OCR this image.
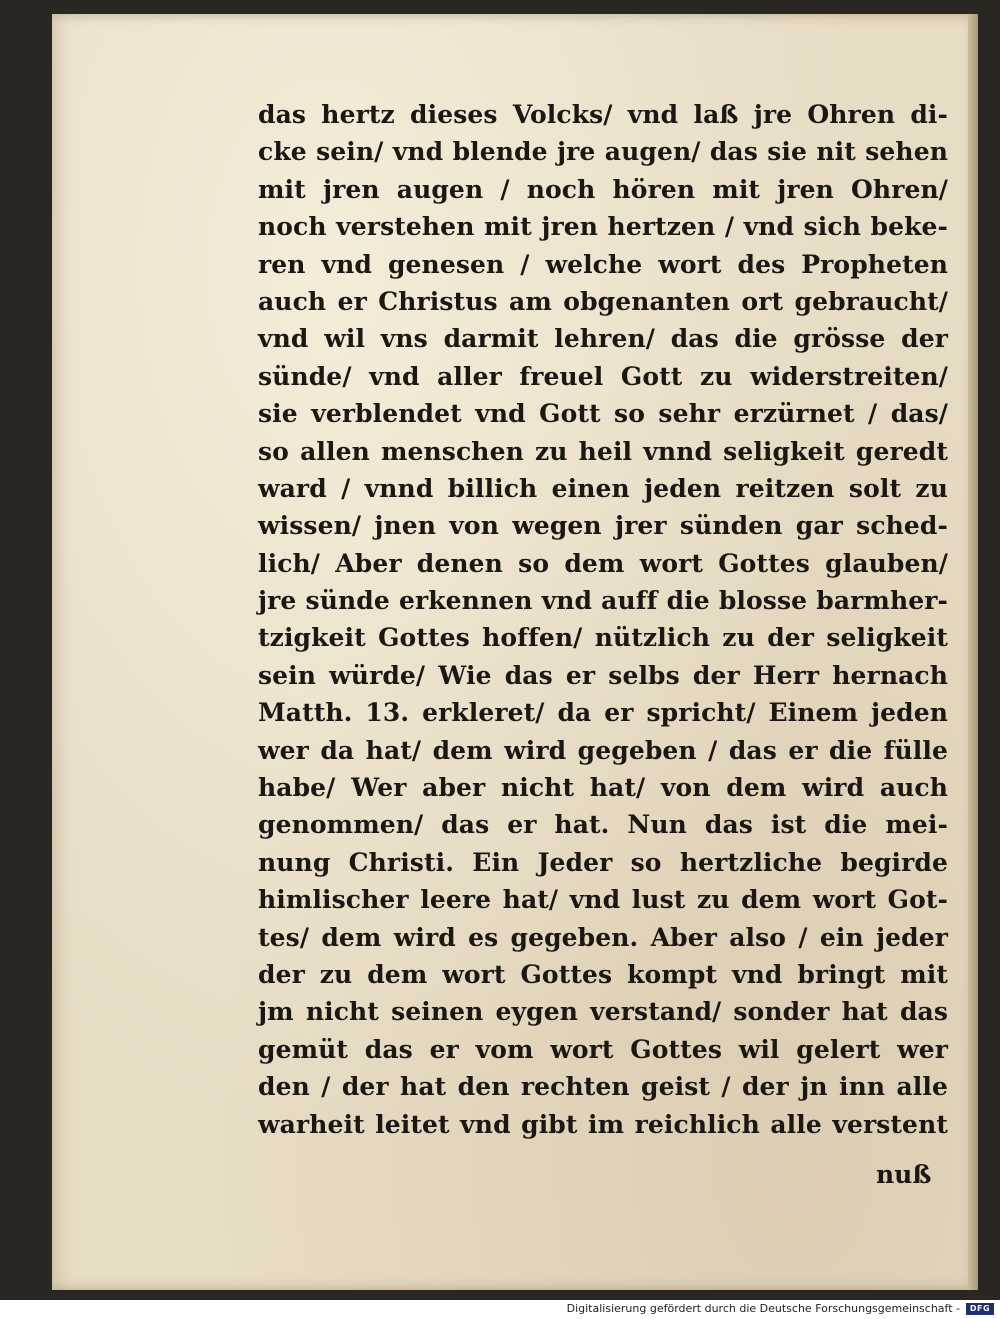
das hertz dieses Volcks/ vnd laß jre Ohren di-
cke sein/ vnd blende jre augen/ das sie nit sehen
mit jren augen / noch hören mit jren Ohren/
noch verstehen mit jren hertzen / vnd sich beke-
ren vnd genesen / welche wort des Propheten
auch er Christus am obgenanten ort gebraucht/
vnd wil vns darmit lehren/ das die grösse der
sünde/ vnd aller freuel Gott zu widerstreiten/
sie verblendet vnd Gott so sehr erzürnet / das/
so allen menschen zu heil vnnd seligkeit geredt
ward / vnnd billich einen jeden reitzen solt zu
wissen/ jnen von wegen jrer sünden gar sched-
lich/ Aber denen so dem wort Gottes glauben/
jre sünde erkennen vnd auff die blosse barmher-
tzigkeit Gottes hoffen/ nützlich zu der seligkeit
sein würde/ Wie das er selbs der Herr hernach
Matth. 13. erkleret/ da er spricht/ Einem jeden
wer da hat/ dem wird gegeben / das er die fülle
habe/ Wer aber nicht hat/ von dem wird auch
genommen/ das er hat. Nun das ist die mei-
nung Christi. Ein Jeder so hertzliche begirde
himlischer leere hat/ vnd lust zu dem wort Got-
tes/ dem wird es gegeben. Aber also / ein jeder
der zu dem wort Gottes kompt vnd bringt mit
jm nicht seinen eygen verstand/ sonder hat das
gemüt das er vom wort Gottes wil gelert wer
den / der hat den rechten geist / der jn inn alle
warheit leitet vnd gibt im reichlich alle verstent
nuß
Digitalisierung gefördert durch die Deutsche Forschungsgemeinschaft -	DFG
